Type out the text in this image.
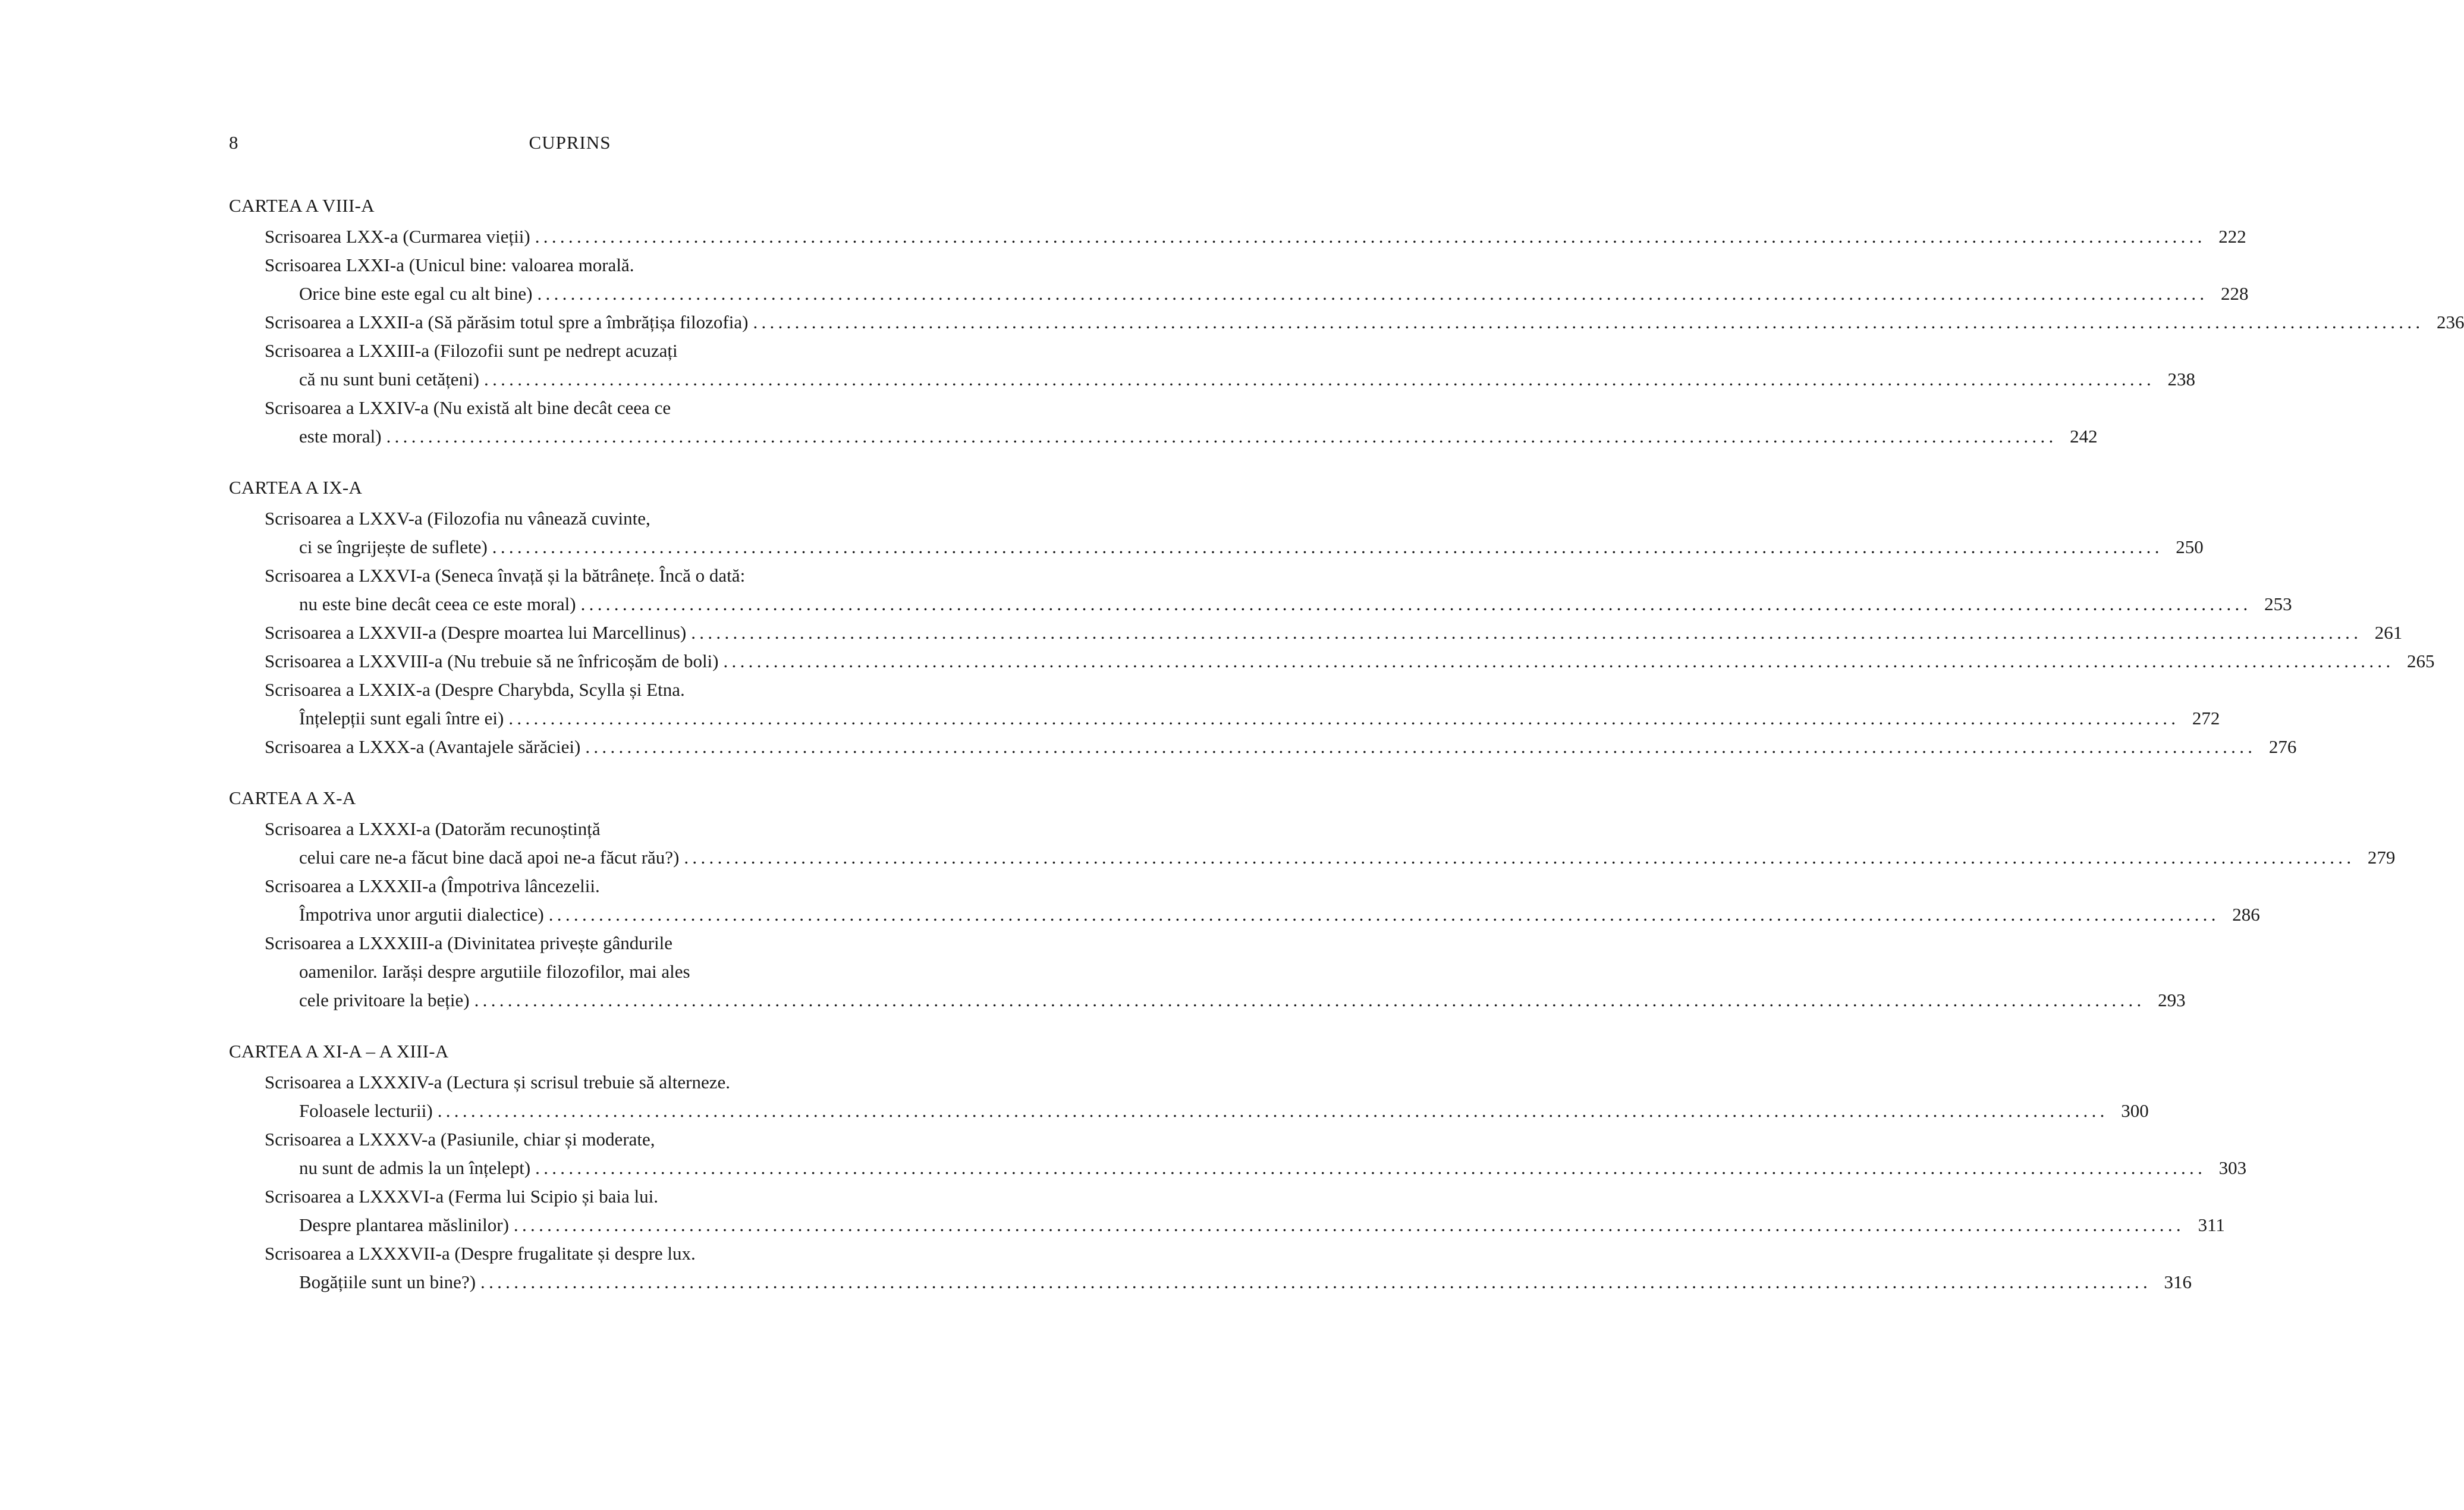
8	CUPRINS
CARTEA A VIII-A
Scrisoarea LXX-a (Curmarea vieții) ........................................................................................................................................................................................................ 222
Scrisoarea LXXI-a (Unicul bine: valoarea morală.
Orice bine este egal cu alt bine) ........................................................................................................................................................................................................ 228
Scrisoarea a LXXII-a (Să părăsim totul spre a îmbrățișa filozofia) ........................................................................................................................................................................................................ 236
Scrisoarea a LXXIII-a (Filozofii sunt pe nedrept acuzați
că nu sunt buni cetățeni) ........................................................................................................................................................................................................ 238
Scrisoarea a LXXIV-a (Nu există alt bine decât ceea ce
este moral) ........................................................................................................................................................................................................ 242
CARTEA A IX-A
Scrisoarea a LXXV-a (Filozofia nu vânează cuvinte,
ci se îngrijește de suflete) ........................................................................................................................................................................................................ 250
Scrisoarea a LXXVI-a (Seneca învață și la bătrânețe. Încă o dată:
nu este bine decât ceea ce este moral) ........................................................................................................................................................................................................ 253
Scrisoarea a LXXVII-a (Despre moartea lui Marcellinus) ........................................................................................................................................................................................................ 261
Scrisoarea a LXXVIII-a (Nu trebuie să ne înfricoșăm de boli) ........................................................................................................................................................................................................ 265
Scrisoarea a LXXIX-a (Despre Charybda, Scylla și Etna.
Înțelepții sunt egali între ei) ........................................................................................................................................................................................................ 272
Scrisoarea a LXXX-a (Avantajele sărăciei) ........................................................................................................................................................................................................ 276
CARTEA A X-A
Scrisoarea a LXXXI-a (Datorăm recunoștință
celui care ne-a făcut bine dacă apoi ne-a făcut rău?) ........................................................................................................................................................................................................ 279
Scrisoarea a LXXXII-a (Împotriva lâncezelii.
Împotriva unor argutii dialectice) ........................................................................................................................................................................................................ 286
Scrisoarea a LXXXIII-a (Divinitatea privește gândurile
oamenilor. Iarăși despre argutiile filozofilor, mai ales
cele privitoare la beție) ........................................................................................................................................................................................................ 293
CARTEA A XI-A – A XIII-A
Scrisoarea a LXXXIV-a (Lectura și scrisul trebuie să alterneze.
Foloasele lecturii) ........................................................................................................................................................................................................ 300
Scrisoarea a LXXXV-a (Pasiunile, chiar și moderate,
nu sunt de admis la un înțelept) ........................................................................................................................................................................................................ 303
Scrisoarea a LXXXVI-a (Ferma lui Scipio și baia lui.
Despre plantarea măslinilor) ........................................................................................................................................................................................................ 311
Scrisoarea a LXXXVII-a (Despre frugalitate și despre lux.
Bogățiile sunt un bine?) ........................................................................................................................................................................................................ 316
